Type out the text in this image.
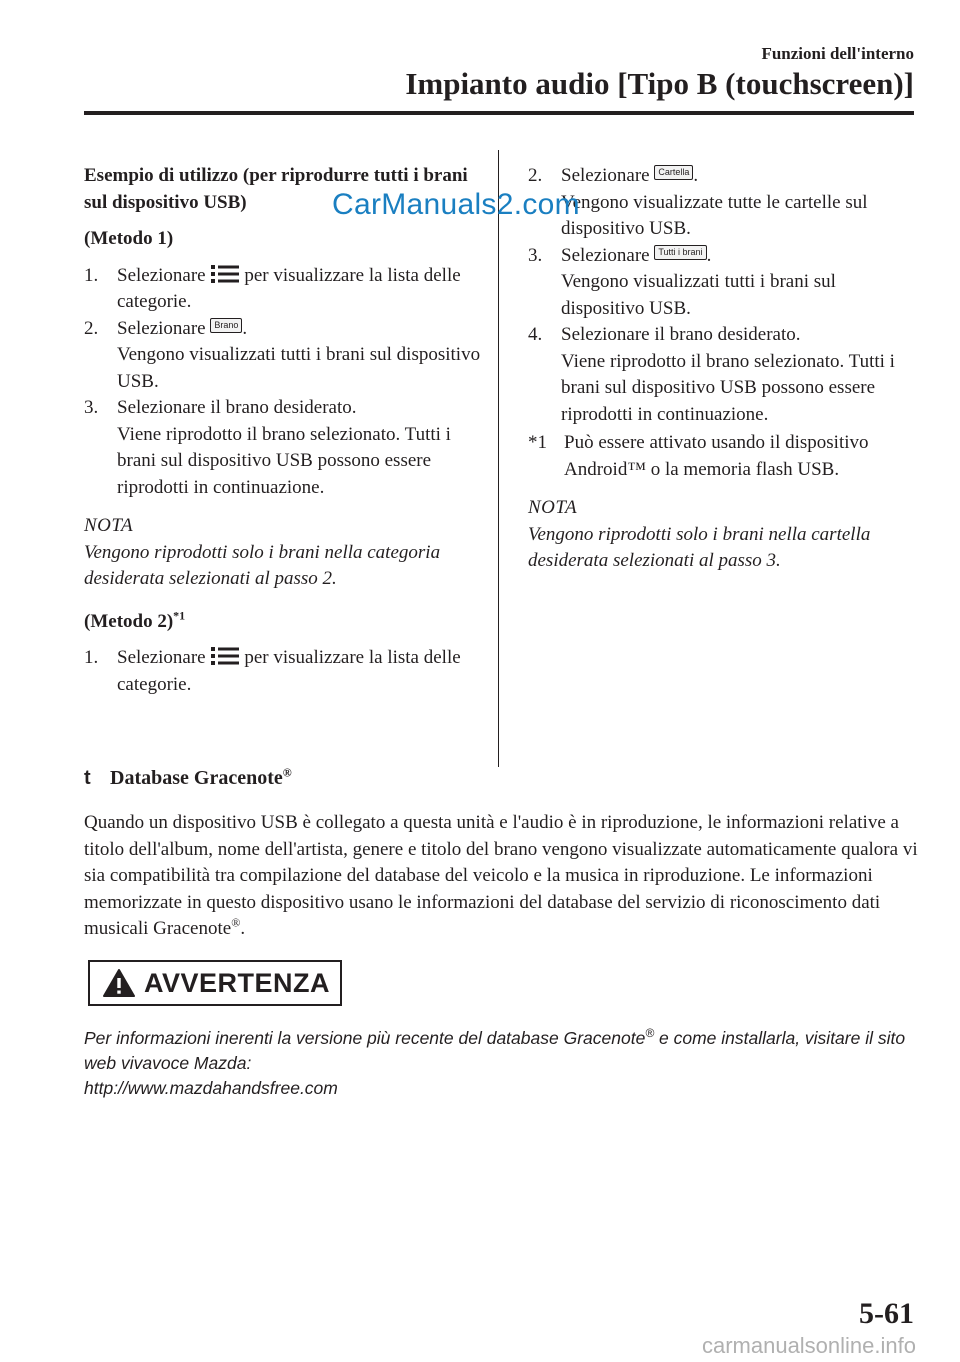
Funzioni dell'interno
Impianto audio [Tipo B (touchscreen)]
Esempio di utilizzo (per riprodurre tutti i brani sul dispositivo USB)
(Metodo 1)
1. Selezionare per visualizzare la lista delle categorie.
2. Selezionare Brano .
Vengono visualizzati tutti i brani sul dispositivo USB.
3. Selezionare il brano desiderato.
Viene riprodotto il brano selezionato. Tutti i brani sul dispositivo USB possono essere riprodotti in continuazione.
NOTA
Vengono riprodotti solo i brani nella categoria desiderata selezionati al passo 2.
(Metodo 2)$^{*1}$
1. Selezionare per visualizzare la lista delle categorie.
2. Selezionare Cartella .
Vengono visualizzate tutte le cartelle sul dispositivo USB.
3. Selezionare Tutti i brani .
Vengono visualizzati tutti i brani sul dispositivo USB.
4. Selezionare il brano desiderato.
Viene riprodotto il brano selezionato. Tutti i brani sul dispositivo USB possono essere riprodotti in continuazione.
*1 Può essere attivato usando il dispositivo Android™ o la memoria flash USB.
NOTA
Vengono riprodotti solo i brani nella cartella desiderata selezionati al passo 3.
t Database Gracenote®
Quando un dispositivo USB è collegato a questa unità e l'audio è in riproduzione, le informazioni relative a titolo dell'album, nome dell'artista, genere e titolo del brano vengono visualizzate automaticamente qualora vi sia compatibilità tra compilazione del database del veicolo e la musica in riproduzione. Le informazioni memorizzate in questo dispositivo usano le informazioni del database del servizio di riconoscimento dati musicali Gracenote®.
AVVERTENZA
Per informazioni inerenti la versione più recente del database Gracenote® e come installarla, visitare il sito web vivavoce Mazda:
http://www.mazdahandsfree.com
CarManuals2.com
5-61
carmanualsonline.info
